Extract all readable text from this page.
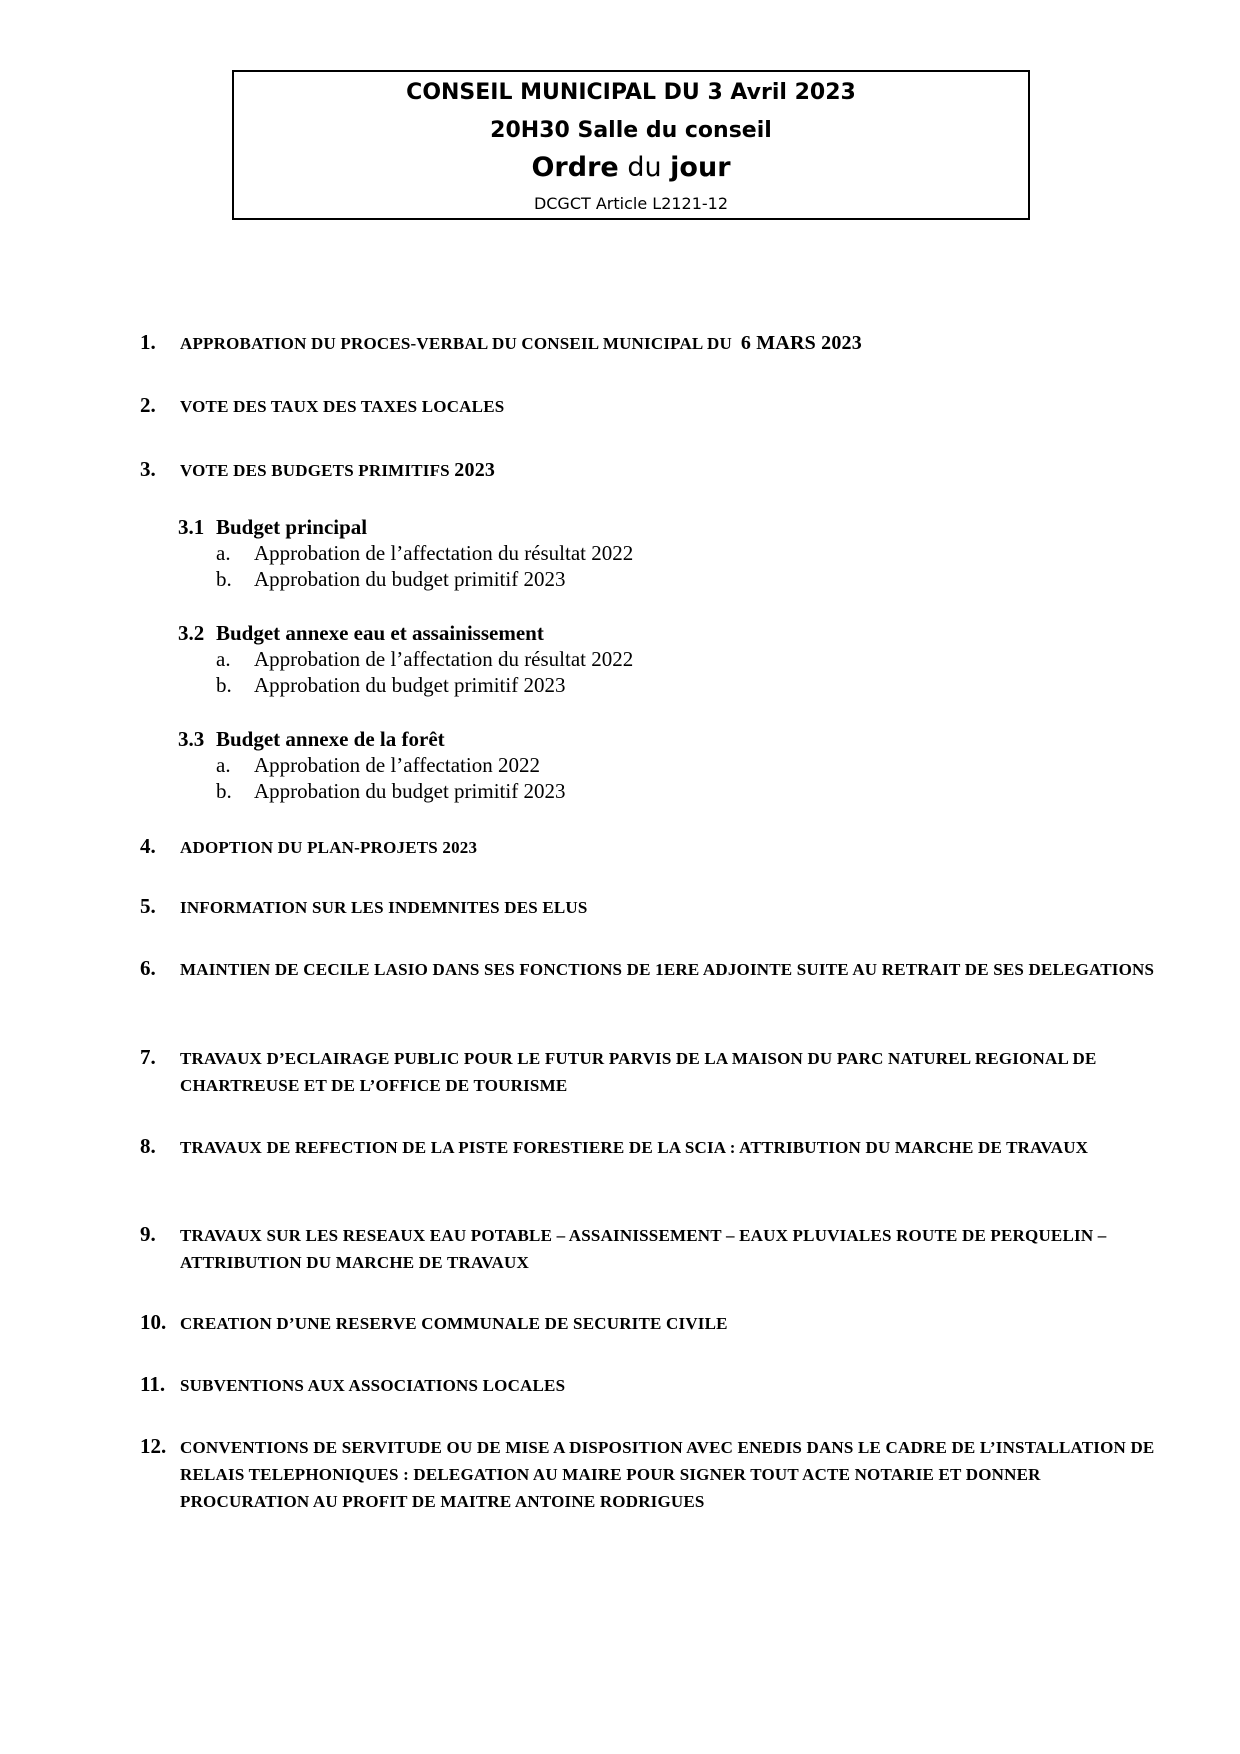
CONSEIL MUNICIPAL DU 3 Avril 2023
20H30 Salle du conseil
Ordre du jour
DCGCT Article L2121-12
1. APPROBATION DU PROCES-VERBAL DU CONSEIL MUNICIPAL DU 6 MARS 2023
2. VOTE DES TAUX DES TAXES LOCALES
3. VOTE DES BUDGETS PRIMITIFS 2023
3.1 Budget principal
a. Approbation de l’affectation du résultat 2022
b. Approbation du budget primitif 2023
3.2 Budget annexe eau et assainissement
a. Approbation de l’affectation du résultat 2022
b. Approbation du budget primitif 2023
3.3 Budget annexe de la forêt
a. Approbation de l’affectation 2022
b. Approbation du budget primitif 2023
4. ADOPTION DU PLAN-PROJETS 2023
5. INFORMATION SUR LES INDEMNITES DES ELUS
6. MAINTIEN DE CECILE LASIO DANS SES FONCTIONS DE 1ERE ADJOINTE SUITE AU RETRAIT DE SES DELEGATIONS
7. TRAVAUX D’ECLAIRAGE PUBLIC POUR LE FUTUR PARVIS DE LA MAISON DU PARC NATUREL REGIONAL DE CHARTREUSE ET DE L’OFFICE DE TOURISME
8. TRAVAUX DE REFECTION DE LA PISTE FORESTIERE DE LA SCIA : ATTRIBUTION DU MARCHE DE TRAVAUX
9. TRAVAUX SUR LES RESEAUX EAU POTABLE – ASSAINISSEMENT – EAUX PLUVIALES ROUTE DE PERQUELIN – ATTRIBUTION DU MARCHE DE TRAVAUX
10. CREATION D’UNE RESERVE COMMUNALE DE SECURITE CIVILE
11. SUBVENTIONS AUX ASSOCIATIONS LOCALES
12. CONVENTIONS DE SERVITUDE OU DE MISE A DISPOSITION AVEC ENEDIS DANS LE CADRE DE L’INSTALLATION DE RELAIS TELEPHONIQUES : DELEGATION AU MAIRE POUR SIGNER TOUT ACTE NOTARIE ET DONNER PROCURATION AU PROFIT DE MAITRE ANTOINE RODRIGUES
